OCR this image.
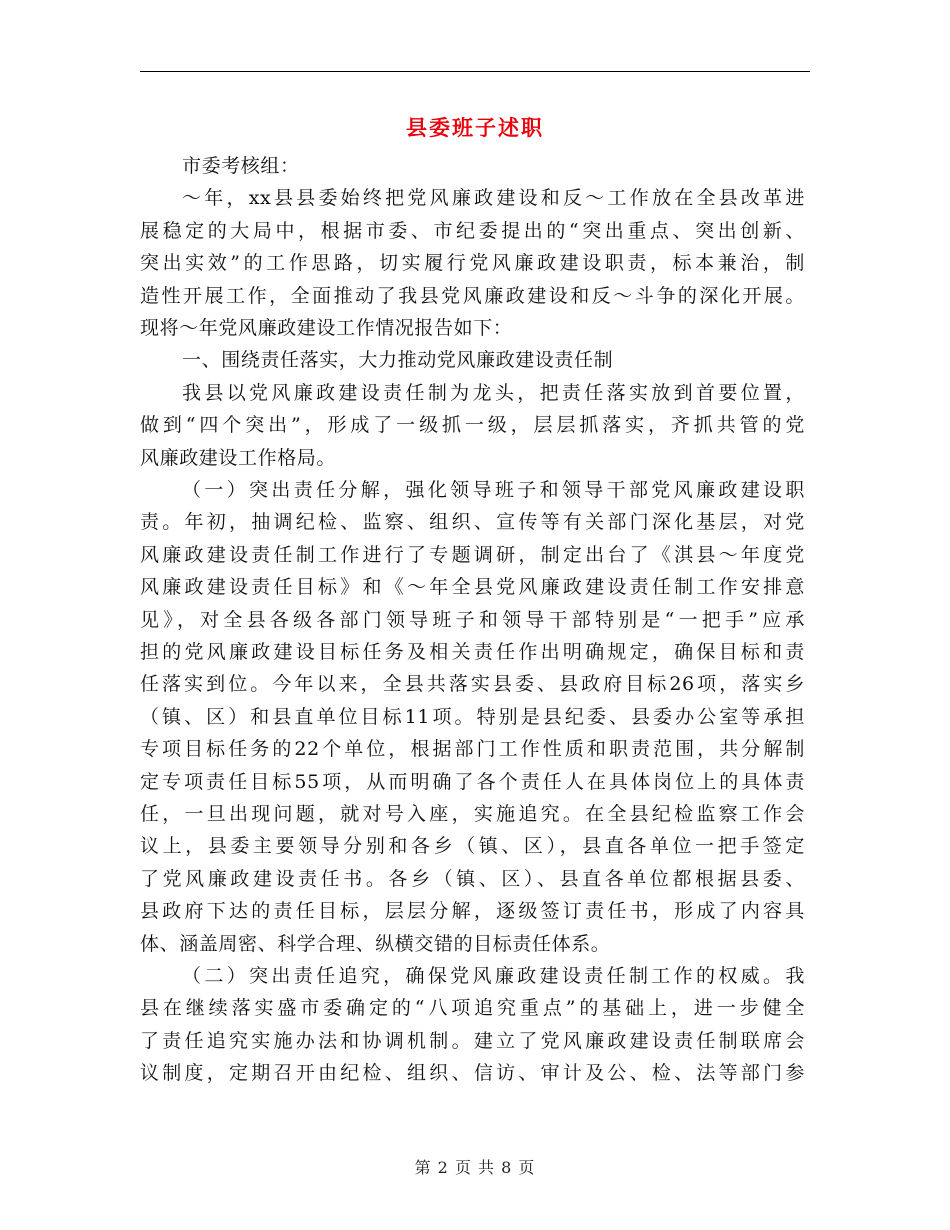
县委班子述职
市委考核组：
～年，xx县县委始终把党风廉政建设和反～工作放在全县改革进
展稳定的大局中，根据市委、市纪委提出的“突出重点、突出创新、
突出实效”的工作思路，切实履行党风廉政建设职责，标本兼治，制
造性开展工作，全面推动了我县党风廉政建设和反～斗争的深化开展。
现将～年党风廉政建设工作情况报告如下：
一、围绕责任落实，大力推动党风廉政建设责任制
我县以党风廉政建设责任制为龙头，把责任落实放到首要位置，
做到“四个突出”，形成了一级抓一级，层层抓落实，齐抓共管的党
风廉政建设工作格局。
（一）突出责任分解，强化领导班子和领导干部党风廉政建设职
责。年初，抽调纪检、监察、组织、宣传等有关部门深化基层，对党
风廉政建设责任制工作进行了专题调研，制定出台了《淇县～年度党
风廉政建设责任目标》和《～年全县党风廉政建设责任制工作安排意
见》，对全县各级各部门领导班子和领导干部特别是“一把手”应承
担的党风廉政建设目标任务及相关责任作出明确规定，确保目标和责
任落实到位。今年以来，全县共落实县委、县政府目标26项，落实乡
（镇、区）和县直单位目标11项。特别是县纪委、县委办公室等承担
专项目标任务的22个单位，根据部门工作性质和职责范围，共分解制
定专项责任目标55项，从而明确了各个责任人在具体岗位上的具体责
任，一旦出现问题，就对号入座，实施追究。在全县纪检监察工作会
议上，县委主要领导分别和各乡（镇、区），县直各单位一把手签定
了党风廉政建设责任书。各乡（镇、区）、县直各单位都根据县委、
县政府下达的责任目标，层层分解，逐级签订责任书，形成了内容具
体、涵盖周密、科学合理、纵横交错的目标责任体系。
（二）突出责任追究，确保党风廉政建设责任制工作的权威。我
县在继续落实盛市委确定的“八项追究重点”的基础上，进一步健全
了责任追究实施办法和协调机制。建立了党风廉政建设责任制联席会
议制度，定期召开由纪检、组织、信访、审计及公、检、法等部门参
第 2 页 共 8 页
